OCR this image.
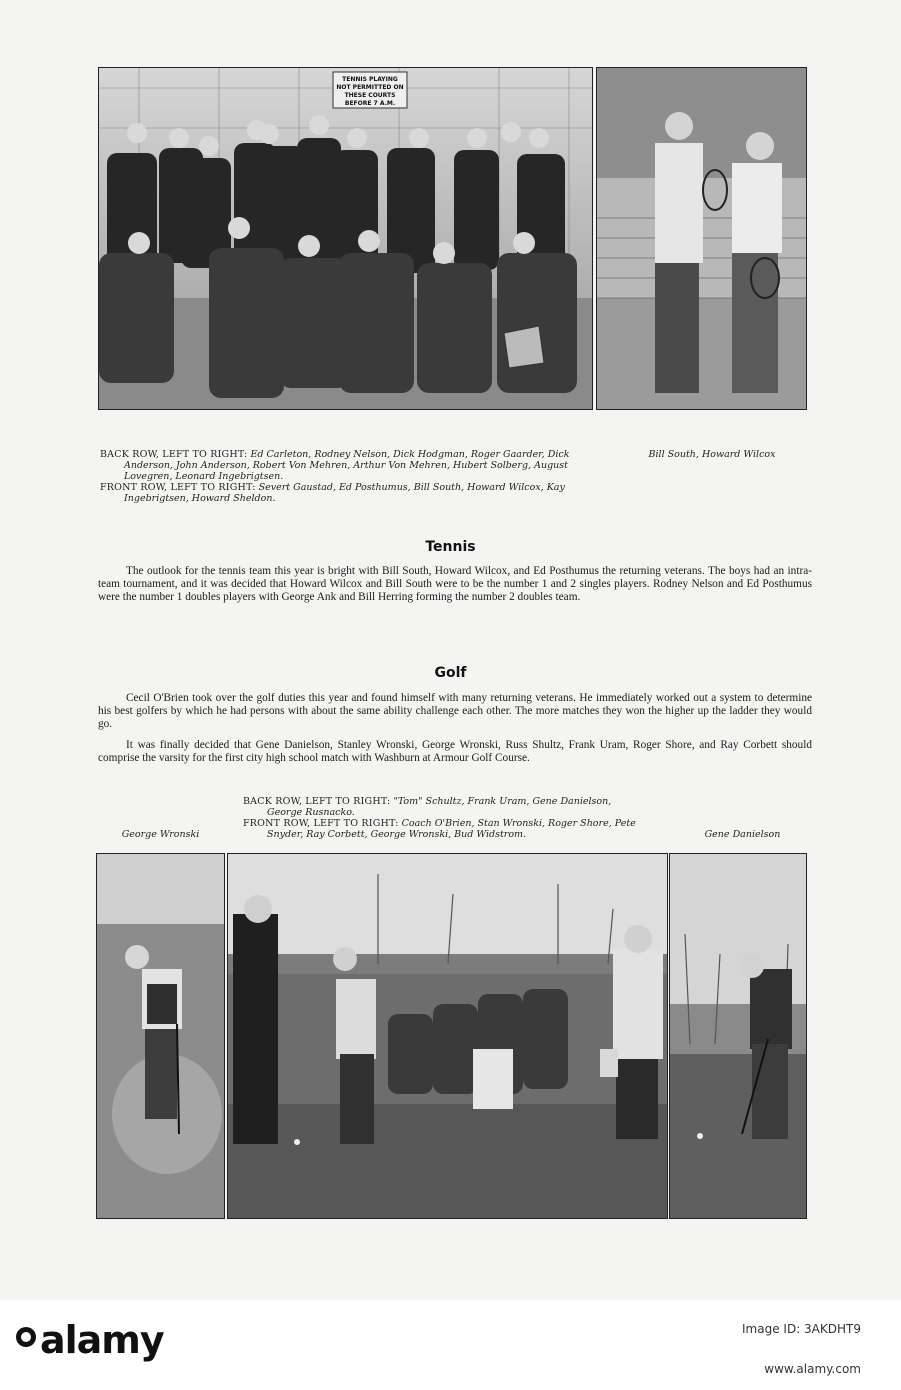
TENNIS PLAYING
NOT PERMITTED ON
THESE COURTS
BEFORE 7 A.M.
BACK ROW, LEFT TO RIGHT: Ed Carleton, Rodney Nelson, Dick Hodgman, Roger Gaarder, Dick
Anderson, John Anderson, Robert Von Mehren, Arthur Von Mehren, Hubert Solberg, August
Lovegren, Leonard Ingebrigtsen.
FRONT ROW, LEFT TO RIGHT: Severt Gaustad, Ed Posthumus, Bill South, Howard Wilcox, Kay
Ingebrigtsen, Howard Sheldon.
Bill South, Howard Wilcox
Tennis

The outlook for the tennis team this year is bright with Bill South, Howard Wilcox, and Ed Posthumus the returning veterans. The boys had an intra-team tournament, and it was decided that Howard Wilcox and Bill South were to be the number 1 and 2 singles players. Rodney Nelson and Ed Posthumus were the number 1 doubles players with George Ank and Bill Herring forming the number 2 doubles team.

Golf

Cecil O'Brien took over the golf duties this year and found himself with many returning veterans. He immediately worked out a system to determine his best golfers by which he had persons with about the same ability challenge each other. The more matches they won the higher up the ladder they would go.

It was finally decided that Gene Danielson, Stanley Wronski, George Wronski, Russ Shultz, Frank Uram, Roger Shore, and Ray Corbett should comprise the varsity for the first city high school match with Washburn at Armour Golf Course.

BACK ROW, LEFT TO RIGHT: "Tom" Schultz, Frank Uram, Gene Danielson,
George Rusnacko.
FRONT ROW, LEFT TO RIGHT: Coach O'Brien, Stan Wronski, Roger Shore, Pete
Snyder, Ray Corbett, George Wronski, Bud Widstrom.
George Wronski	Gene Danielson
alamy	Image ID: 3AKDHT9
www.alamy.com
